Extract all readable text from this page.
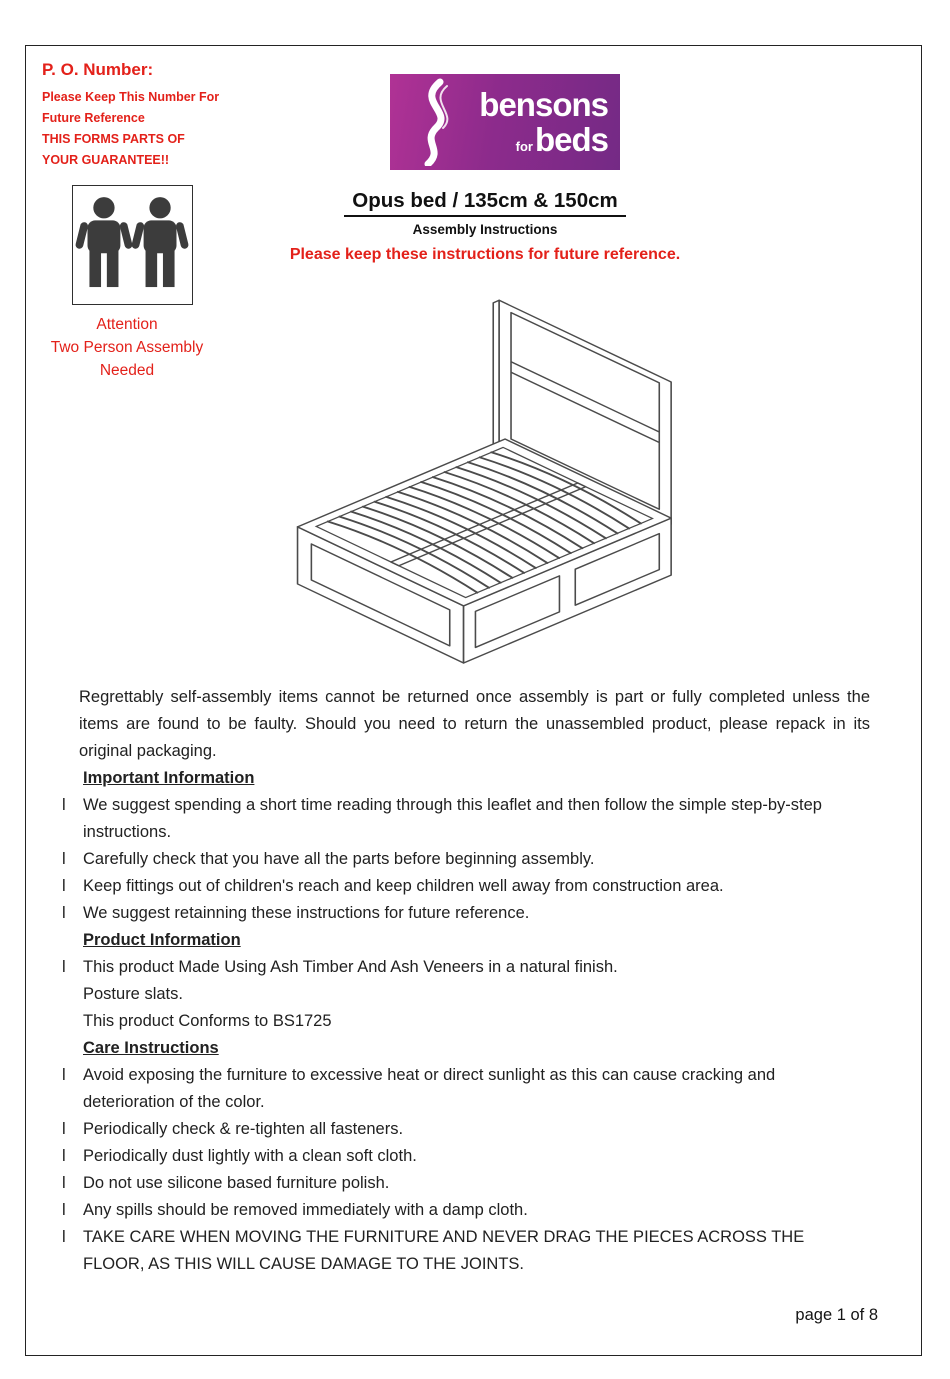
P. O. Number:
Please Keep This Number For
Future Reference
THIS FORMS PARTS OF
YOUR GUARANTEE!!
bensons
for beds
Opus bed / 135cm & 150cm
Assembly Instructions
Please keep these instructions for future reference.
Attention
Two Person Assembly
Needed

Regrettably self-assembly items cannot be returned once assembly is part or fully completed unless the items are found to be faulty. Should you need to return the unassembled product, please repack in its original packaging.

Important Information
l	We suggest spending a short time reading through this leaflet and then follow the simple step-by-step instructions.
l	Carefully check that you have all the parts before beginning assembly.
l	Keep fittings out of children's reach and keep children well away from construction area.
l	We suggest retainning these instructions for future reference.
Product Information
l	This product Made Using Ash Timber And Ash Veneers in a natural finish.
Posture slats.
This product Conforms to BS1725
Care Instructions
l	Avoid exposing the furniture to excessive heat or direct sunlight as this can cause cracking and deterioration of the color.
l	Periodically check & re-tighten all fasteners.
l	Periodically dust lightly with a clean soft cloth.
l	Do not use silicone based furniture polish.
l	Any spills should be removed immediately with a damp cloth.
l	TAKE CARE WHEN MOVING THE FURNITURE AND NEVER DRAG THE PIECES ACROSS THE FLOOR, AS THIS WILL CAUSE DAMAGE TO THE JOINTS.
page 1 of 8
